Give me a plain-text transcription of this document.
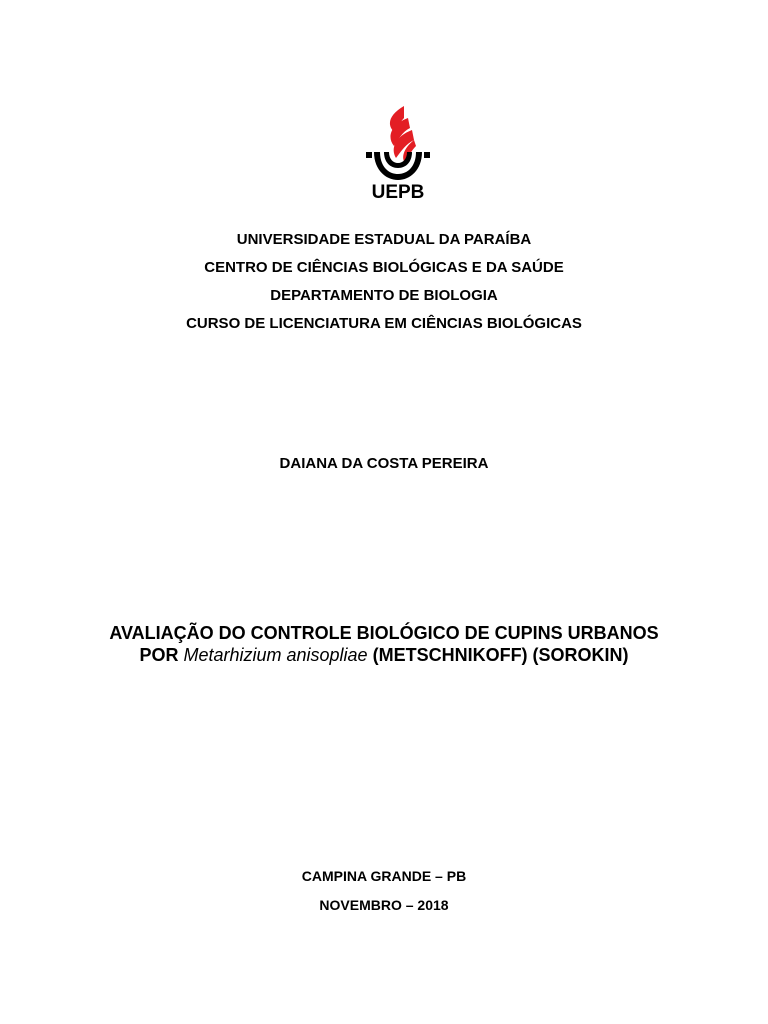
UEPB
UNIVERSIDADE ESTADUAL DA PARAÍBA
CENTRO DE CIÊNCIAS BIOLÓGICAS E DA SAÚDE
DEPARTAMENTO DE BIOLOGIA
CURSO DE LICENCIATURA EM CIÊNCIAS BIOLÓGICAS
DAIANA DA COSTA PEREIRA
AVALIAÇÃO DO CONTROLE BIOLÓGICO DE CUPINS URBANOS
POR Metarhizium anisopliae (METSCHNIKOFF) (SOROKIN)
CAMPINA GRANDE – PB
NOVEMBRO – 2018
